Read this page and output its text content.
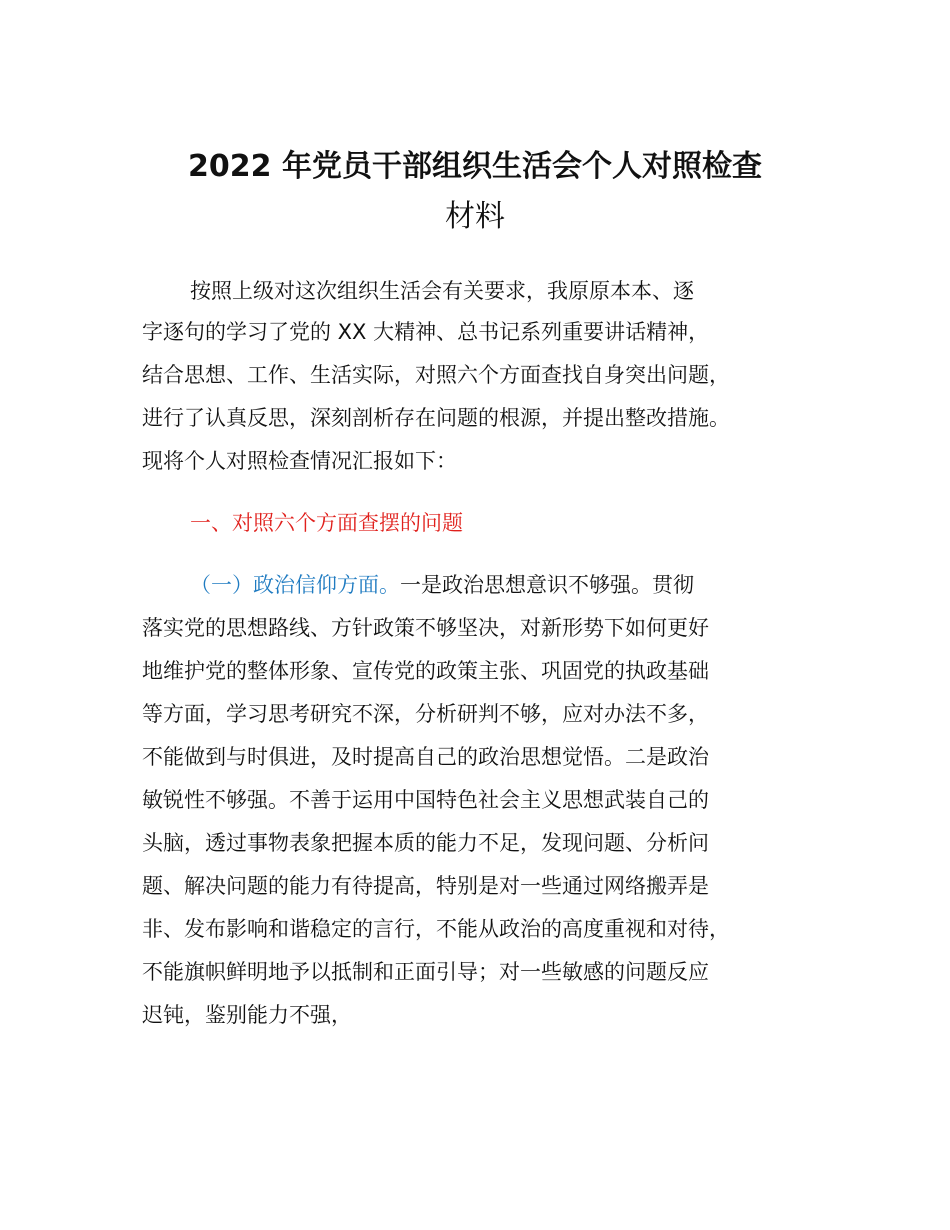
2022 年党员干部组织生活会个人对照检查
材料

按照上级对这次组织生活会有关要求，我原原本本、逐

字逐句的学习了党的 XX 大精神、总书记系列重要讲话精神，

结合思想、工作、生活实际，对照六个方面查找自身突出问题，

进行了认真反思，深刻剖析存在问题的根源，并提出整改措施。

现将个人对照检查情况汇报如下：

一、对照六个方面查摆的问题

（一）政治信仰方面。一是政治思想意识不够强。贯彻

落实党的思想路线、方针政策不够坚决，对新形势下如何更好

地维护党的整体形象、宣传党的政策主张、巩固党的执政基础

等方面，学习思考研究不深，分析研判不够，应对办法不多，

不能做到与时俱进，及时提高自己的政治思想觉悟。二是政治

敏锐性不够强。不善于运用中国特色社会主义思想武装自己的

头脑，透过事物表象把握本质的能力不足，发现问题、分析问

题、解决问题的能力有待提高，特别是对一些通过网络搬弄是

非、发布影响和谐稳定的言行，不能从政治的高度重视和对待，

不能旗帜鲜明地予以抵制和正面引导；对一些敏感的问题反应

迟钝，鉴别能力不强，
